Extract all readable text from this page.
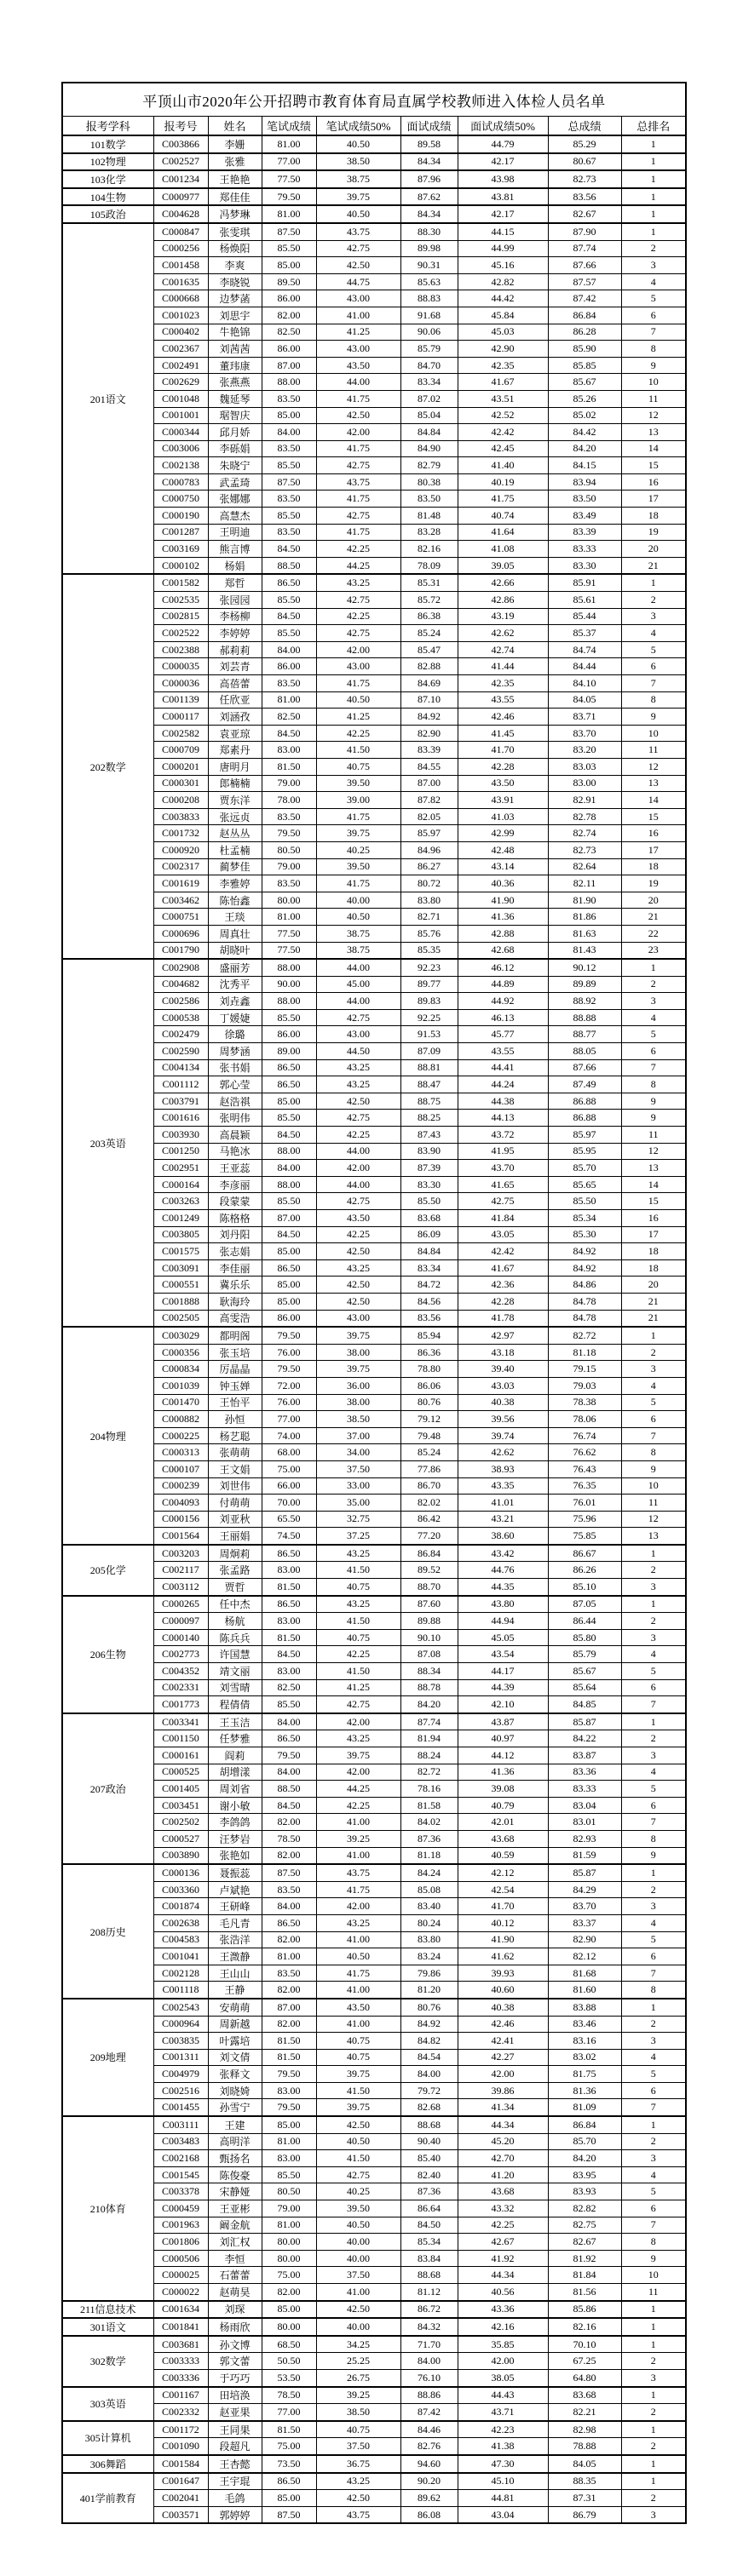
平顶山市2020年公开招聘市教育体育局直属学校教师进入体检人员名单								
报考学科	报考号	姓名	笔试成绩	笔试成绩50%	面试成绩	面试成绩50%	总成绩	总排名
101数学	C003866	李姗	81.00	40.50	89.58	44.79	85.29	1
102物理	C002527	张雅	77.00	38.50	84.34	42.17	80.67	1
103化学	C001234	王艳艳	77.50	38.75	87.96	43.98	82.73	1
104生物	C000977	郑佳佳	79.50	39.75	87.62	43.81	83.56	1
105政治	C004628	冯梦琳	81.00	40.50	84.34	42.17	82.67	1
201语文	C000847	张雯琪	87.50	43.75	88.30	44.15	87.90	1
	C000256	杨焕阳	85.50	42.75	89.98	44.99	87.74	2
	C001458	李爽	85.00	42.50	90.31	45.16	87.66	3
	C001635	李晓锐	89.50	44.75	85.63	42.82	87.57	4
	C000668	边梦菡	86.00	43.00	88.83	44.42	87.42	5
	C001023	刘思宇	82.00	41.00	91.68	45.84	86.84	6
	C000402	牛艳锦	82.50	41.25	90.06	45.03	86.28	7
	C002367	刘茜茜	86.00	43.00	85.79	42.90	85.90	8
	C002491	董玮康	87.00	43.50	84.70	42.35	85.85	9
	C002629	张燕燕	88.00	44.00	83.34	41.67	85.67	10
	C001048	魏延琴	83.50	41.75	87.02	43.51	85.26	11
	C001001	琚智庆	85.00	42.50	85.04	42.52	85.02	12
	C000344	邱月娇	84.00	42.00	84.84	42.42	84.42	13
	C003006	李砾娟	83.50	41.75	84.90	42.45	84.20	14
	C002138	朱晓宁	85.50	42.75	82.79	41.40	84.15	15
	C000783	武孟琦	87.50	43.75	80.38	40.19	83.94	16
	C000750	张娜娜	83.50	41.75	83.50	41.75	83.50	17
	C000190	高慧杰	85.50	42.75	81.48	40.74	83.49	18
	C001287	王明迪	83.50	41.75	83.28	41.64	83.39	19
	C003169	熊言博	84.50	42.25	82.16	41.08	83.33	20
	C000102	杨娟	88.50	44.25	78.09	39.05	83.30	21
202数学	C001582	郑哲	86.50	43.25	85.31	42.66	85.91	1
	C002535	张园园	85.50	42.75	85.72	42.86	85.61	2
	C002815	李杨柳	84.50	42.25	86.38	43.19	85.44	3
	C002522	李婷婷	85.50	42.75	85.24	42.62	85.37	4
	C002388	郝莉莉	84.00	42.00	85.47	42.74	84.74	5
	C000035	刘芸青	86.00	43.00	82.88	41.44	84.44	6
	C000036	高蓓蕾	83.50	41.75	84.69	42.35	84.10	7
	C001139	任欣亚	81.00	40.50	87.10	43.55	84.05	8
	C000117	刘涵孜	82.50	41.25	84.92	42.46	83.71	9
	C002582	袁亚琼	84.50	42.25	82.90	41.45	83.70	10
	C000709	郑素丹	83.00	41.50	83.39	41.70	83.20	11
	C000201	唐明月	81.50	40.75	84.55	42.28	83.03	12
	C000301	郎楠楠	79.00	39.50	87.00	43.50	83.00	13
	C000208	贾东洋	78.00	39.00	87.82	43.91	82.91	14
	C003833	张远贞	83.50	41.75	82.05	41.03	82.78	15
	C001732	赵丛丛	79.50	39.75	85.97	42.99	82.74	16
	C000920	杜孟楠	80.50	40.25	84.96	42.48	82.73	17
	C002317	蔺梦佳	79.00	39.50	86.27	43.14	82.64	18
	C001619	李雅婷	83.50	41.75	80.72	40.36	82.11	19
	C003462	陈怡鑫	80.00	40.00	83.80	41.90	81.90	20
	C000751	王琰	81.00	40.50	82.71	41.36	81.86	21
	C000696	周真壮	77.50	38.75	85.76	42.88	81.63	22
	C001790	胡晓叶	77.50	38.75	85.35	42.68	81.43	23
203英语	C002908	盛丽芳	88.00	44.00	92.23	46.12	90.12	1
	C004682	沈秀平	90.00	45.00	89.77	44.89	89.89	2
	C002586	刘垚鑫	88.00	44.00	89.83	44.92	88.92	3
	C000538	丁媛婕	85.50	42.75	92.25	46.13	88.88	4
	C002479	徐璐	86.00	43.00	91.53	45.77	88.77	5
	C002590	周梦涵	89.00	44.50	87.09	43.55	88.05	6
	C004134	张书娟	86.50	43.25	88.81	44.41	87.66	7
	C001112	郭心莹	86.50	43.25	88.47	44.24	87.49	8
	C003791	赵浩祺	85.00	42.50	88.75	44.38	86.88	9
	C001616	张明伟	85.50	42.75	88.25	44.13	86.88	9
	C003930	高晨颖	84.50	42.25	87.43	43.72	85.97	11
	C001250	马艳冰	88.00	44.00	83.90	41.95	85.95	12
	C002951	王亚蕊	84.00	42.00	87.39	43.70	85.70	13
	C000164	李彦丽	88.00	44.00	83.30	41.65	85.65	14
	C003263	段蒙蒙	85.50	42.75	85.50	42.75	85.50	15
	C001249	陈格格	87.00	43.50	83.68	41.84	85.34	16
	C003805	刘丹阳	84.50	42.25	86.09	43.05	85.30	17
	C001575	张志娟	85.00	42.50	84.84	42.42	84.92	18
	C003091	李佳丽	86.50	43.25	83.34	41.67	84.92	18
	C000551	冀乐乐	85.00	42.50	84.72	42.36	84.86	20
	C001888	耿海玲	85.00	42.50	84.56	42.28	84.78	21
	C002505	高雯浩	86.00	43.00	83.56	41.78	84.78	21
204物理	C003029	都明阁	79.50	39.75	85.94	42.97	82.72	1
	C000356	张玉培	76.00	38.00	86.36	43.18	81.18	2
	C000834	厉晶晶	79.50	39.75	78.80	39.40	79.15	3
	C001039	钟玉婵	72.00	36.00	86.06	43.03	79.03	4
	C001470	王怡平	76.00	38.00	80.76	40.38	78.38	5
	C000882	孙恒	77.00	38.50	79.12	39.56	78.06	6
	C000225	杨艺聪	74.00	37.00	79.48	39.74	76.74	7
	C000313	张萌萌	68.00	34.00	85.24	42.62	76.62	8
	C000107	王文娟	75.00	37.50	77.86	38.93	76.43	9
	C000239	刘世伟	66.00	33.00	86.70	43.35	76.35	10
	C004093	付萌萌	70.00	35.00	82.02	41.01	76.01	11
	C000156	刘亚秋	65.50	32.75	86.42	43.21	75.96	12
	C001564	王丽娟	74.50	37.25	77.20	38.60	75.85	13
205化学	C003203	周炯莉	86.50	43.25	86.84	43.42	86.67	1
	C002117	张孟路	83.00	41.50	89.52	44.76	86.26	2
	C003112	贾哲	81.50	40.75	88.70	44.35	85.10	3
206生物	C000265	任中杰	86.50	43.25	87.60	43.80	87.05	1
	C000097	杨航	83.00	41.50	89.88	44.94	86.44	2
	C000140	陈兵兵	81.50	40.75	90.10	45.05	85.80	3
	C002773	许国慧	84.50	42.25	87.08	43.54	85.79	4
	C004352	靖文丽	83.00	41.50	88.34	44.17	85.67	5
	C002331	刘雪晴	82.50	41.25	88.78	44.39	85.64	6
	C001773	程倩倩	85.50	42.75	84.20	42.10	84.85	7
207政治	C003341	王玉洁	84.00	42.00	87.74	43.87	85.87	1
	C001150	任梦雅	86.50	43.25	81.94	40.97	84.22	2
	C000161	阎莉	79.50	39.75	88.24	44.12	83.87	3
	C000525	胡增漾	84.00	42.00	82.72	41.36	83.36	4
	C001405	周刘省	88.50	44.25	78.16	39.08	83.33	5
	C003451	谢小敏	84.50	42.25	81.58	40.79	83.04	6
	C002502	李鸽鸽	82.00	41.00	84.02	42.01	83.01	7
	C000527	汪梦岩	78.50	39.25	87.36	43.68	82.93	8
	C003890	张艳如	82.00	41.00	81.18	40.59	81.59	9
208历史	C000136	聂振蕊	87.50	43.75	84.24	42.12	85.87	1
	C003360	卢斌艳	83.50	41.75	85.08	42.54	84.29	2
	C001874	王研峰	84.00	42.00	83.40	41.70	83.70	3
	C002638	毛凡青	86.50	43.25	80.24	40.12	83.37	4
	C004583	张浩洋	82.00	41.00	83.80	41.90	82.90	5
	C001041	王溦静	81.00	40.50	83.24	41.62	82.12	6
	C002128	王山山	83.50	41.75	79.86	39.93	81.68	7
	C001118	王静	82.00	41.00	81.20	40.60	81.60	8
209地理	C002543	安萌萌	87.00	43.50	80.76	40.38	83.88	1
	C000964	周新越	82.00	41.00	84.92	42.46	83.46	2
	C003835	叶露培	81.50	40.75	84.82	42.41	83.16	3
	C001311	刘文倩	81.50	40.75	84.54	42.27	83.02	4
	C004979	张释文	79.50	39.75	84.00	42.00	81.75	5
	C002516	刘晓婍	83.00	41.50	79.72	39.86	81.36	6
	C001455	孙雪宁	79.50	39.75	82.68	41.34	81.09	7
210体育	C003111	王建	85.00	42.50	88.68	44.34	86.84	1
	C003483	高明洋	81.00	40.50	90.40	45.20	85.70	2
	C002168	甄扬名	83.00	41.50	85.40	42.70	84.20	3
	C001545	陈俊豪	85.50	42.75	82.40	41.20	83.95	4
	C003378	宋静娅	80.50	40.25	87.36	43.68	83.93	5
	C000459	王亚彬	79.00	39.50	86.64	43.32	82.82	6
	C001963	阚金航	81.00	40.50	84.50	42.25	82.75	7
	C001806	刘汇权	80.00	40.00	85.34	42.67	82.67	8
	C000506	李恒	80.00	40.00	83.84	41.92	81.92	9
	C000025	石蕾蕾	75.00	37.50	88.68	44.34	81.84	10
	C000022	赵萌昊	82.00	41.00	81.12	40.56	81.56	11
211信息技术	C001634	刘琛	85.00	42.50	86.72	43.36	85.86	1
301语文	C001841	杨雨欣	80.00	40.00	84.32	42.16	82.16	1
302数学	C003681	孙文博	68.50	34.25	71.70	35.85	70.10	1
	C003333	郭文蕾	50.50	25.25	84.00	42.00	67.25	2
	C003336	于巧巧	53.50	26.75	76.10	38.05	64.80	3
303英语	C001167	田培涣	78.50	39.25	88.86	44.43	83.68	1
	C002332	赵亚果	77.00	38.50	87.42	43.71	82.21	2
305计算机	C001172	王同果	81.50	40.75	84.46	42.23	82.98	1
	C001090	段超凡	75.00	37.50	82.76	41.38	78.88	2
306舞蹈	C001584	王杏懿	73.50	36.75	94.60	47.30	84.05	1
401学前教育	C001647	王宇琨	86.50	43.25	90.20	45.10	88.35	1
	C002041	毛鸽	85.00	42.50	89.62	44.81	87.31	2
	C003571	郭婷婷	87.50	43.75	86.08	43.04	86.79	3
